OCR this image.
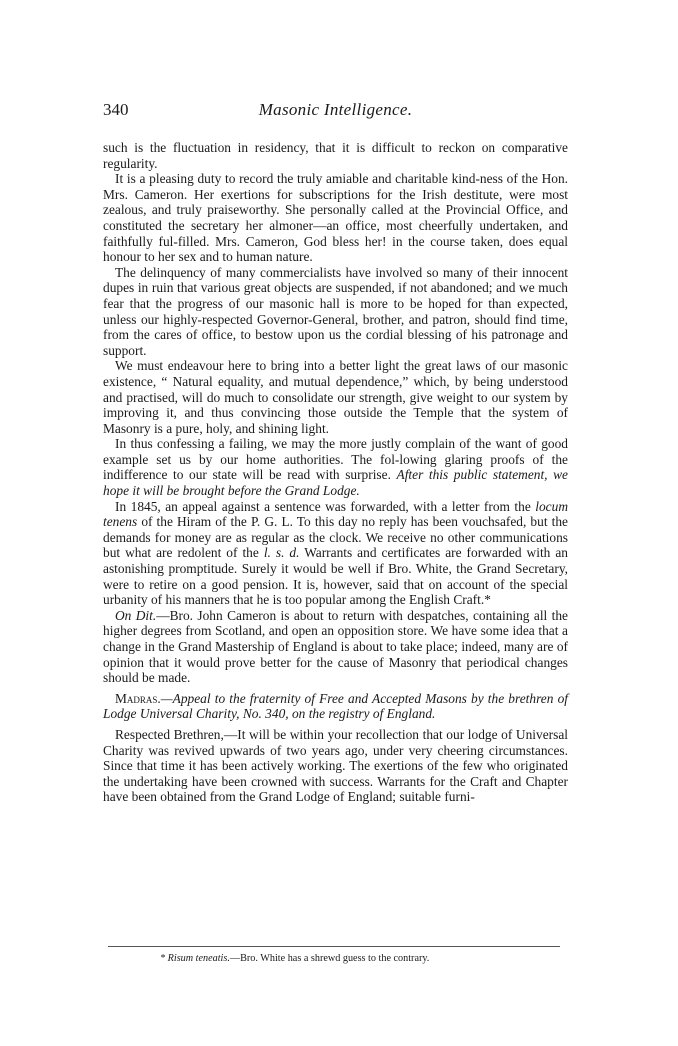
340	Masonic Intelligence.

such is the fluctuation in residency, that it is difficult to reckon on comparative regularity.

It is a pleasing duty to record the truly amiable and charitable kind-ness of the Hon. Mrs. Cameron. Her exertions for subscriptions for the Irish destitute, were most zealous, and truly praiseworthy. She personally called at the Provincial Office, and constituted the secretary her almoner—an office, most cheerfully undertaken, and faithfully ful-filled. Mrs. Cameron, God bless her! in the course taken, does equal honour to her sex and to human nature.

The delinquency of many commercialists have involved so many of their innocent dupes in ruin that various great objects are suspended, if not abandoned; and we much fear that the progress of our masonic hall is more to be hoped for than expected, unless our highly-respected Governor-General, brother, and patron, should find time, from the cares of office, to bestow upon us the cordial blessing of his patronage and support.

We must endeavour here to bring into a better light the great laws of our masonic existence, “ Natural equality, and mutual dependence,” which, by being understood and practised, will do much to consolidate our strength, give weight to our system by improving it, and thus convincing those outside the Temple that the system of Masonry is a pure, holy, and shining light.

In thus confessing a failing, we may the more justly complain of the want of good example set us by our home authorities. The fol-lowing glaring proofs of the indifference to our state will be read with surprise. After this public statement, we hope it will be brought before the Grand Lodge.

In 1845, an appeal against a sentence was forwarded, with a letter from the locum tenens of the Hiram of the P. G. L. To this day no reply has been vouchsafed, but the demands for money are as regular as the clock. We receive no other communications but what are redolent of the l. s. d. Warrants and certificates are forwarded with an astonishing promptitude. Surely it would be well if Bro. White, the Grand Secretary, were to retire on a good pension. It is, however, said that on account of the special urbanity of his manners that he is too popular among the English Craft.*

On Dit.—Bro. John Cameron is about to return with despatches, containing all the higher degrees from Scotland, and open an opposition store. We have some idea that a change in the Grand Mastership of England is about to take place; indeed, many are of opinion that it would prove better for the cause of Masonry that periodical changes should be made.

Madras.—Appeal to the fraternity of Free and Accepted Masons by the brethren of Lodge Universal Charity, No. 340, on the registry of England.

Respected Brethren,—It will be within your recollection that our lodge of Universal Charity was revived upwards of two years ago, under very cheering circumstances. Since that time it has been actively working. The exertions of the few who originated the undertaking have been crowned with success. Warrants for the Craft and Chapter have been obtained from the Grand Lodge of England; suitable furni-

* Risum teneatis.—Bro. White has a shrewd guess to the contrary.
